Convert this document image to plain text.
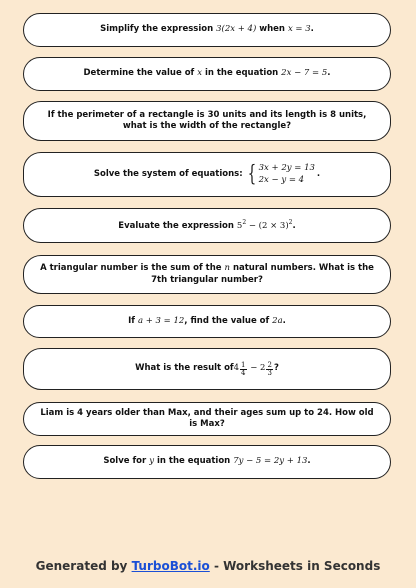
Simplify the expression 3(2x + 4) when x = 3.
Determine the value of x in the equation 2x − 7 = 5.
If the perimeter of a rectangle is 30 units and its length is 8 units, what is the width of the rectangle?
Solve the system of equations: { 3x + 2y = 13
2x − y = 4
.
Evaluate the expression $5^2 - (2 \times 3)^2$.
A triangular number is the sum of the n natural numbers. What is the 7th triangular number?
If a + 3 = 12, find the value of 2a.
What is the result of $4 \frac{1}{4} - 2 \frac{2}{3}$ ?
Liam is 4 years older than Max, and their ages sum up to 24. How old is Max?
Solve for y in the equation 7y − 5 = 2y + 13.
Generated by TurboBot.io - Worksheets in Seconds
